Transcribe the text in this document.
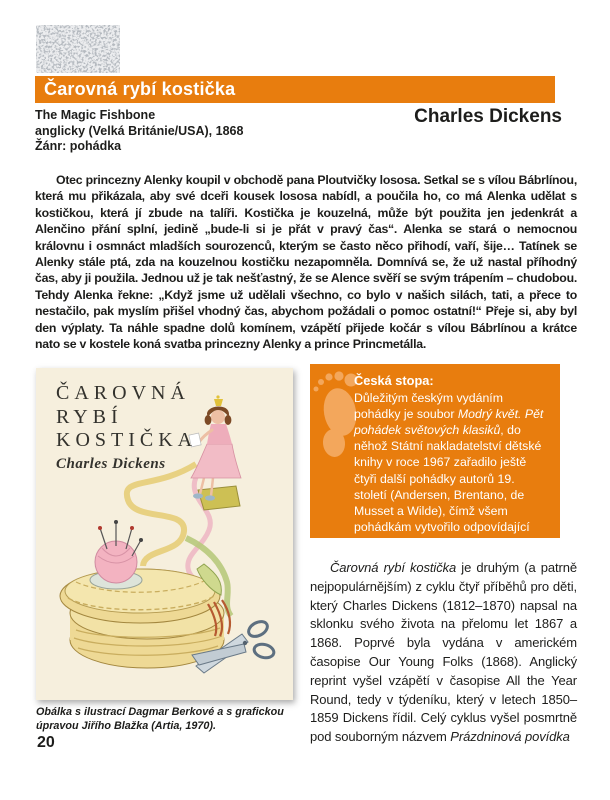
Čarovná rybí kostička
The Magic Fishbone
anglicky (Velká Británie/USA), 1868
Žánr: pohádka
Charles Dickens

Otec princezny Alenky koupil v obchodě pana Ploutvičky lososa. Setkal se s vílou Bábrlínou, která mu přikázala, aby své dceři kousek lososa nabídl, a poučila ho, co má Alenka udělat s kostičkou, která jí zbude na talíři. Kostička je kouzelná, může být použita jen jedenkrát a Alenčino přání splní, jedině „bude-li si je přát v pravý čas“. Alenka se stará o nemocnou královnu i osmnáct mladších sourozenců, kterým se často něco přihodí, vaří, šije… Tatínek se Alenky stále ptá, zda na kouzelnou kostičku nezapomněla. Domnívá se, že už nastal příhodný čas, aby ji použila. Jednou už je tak nešťastný, že se Alence svěří se svým trápením – chudobou. Tehdy Alenka řekne: „Když jsme už udělali všechno, co bylo v našich silách, tati, a přece to nestačilo, pak myslím přišel vhodný čas, abychom požádali o pomoc ostatní!“ Přeje si, aby byl den výplaty. Ta náhle spadne dolů komínem, vzápětí přijede kočár s vílou Bábrlínou a krátce nato se v kostele koná svatba princezny Alenky a prince Princmetálla.

ČAROVNÁ
RYBÍ
KOSTIČKA
Charles Dickens
Česká stopa:
Důležitým českým vydáním pohádky je soubor Modrý květ. Pět pohádek světových klasiků, do něhož Státní nakladatelství dětské knihy v roce 1967 zařadilo ještě čtyři další pohádky autorů 19. století (Andersen, Brentano, de Musset a Wilde), čímž všem pohádkám vytvořilo odpovídající kontext.

Čarovná rybí kostička je druhým (a patrně nejpopulárnějším) z cyklu čtyř příběhů pro děti, který Charles Dickens (1812–1870) napsal na sklonku svého života na přelomu let 1867 a 1868. Poprvé byla vydána v americkém časopise Our Young Folks (1868). Anglický reprint vyšel vzápětí v časopise All the Year Round, tedy v týdeníku, který v letech 1850–1859 Dickens řídil. Celý cyklus vyšel posmrtně pod souborným názvem Prázdninová povídka

Obálka s ilustrací Dagmar Berkové a s grafickou úpravou Jiřího Blažka (Artia, 1970).
20
